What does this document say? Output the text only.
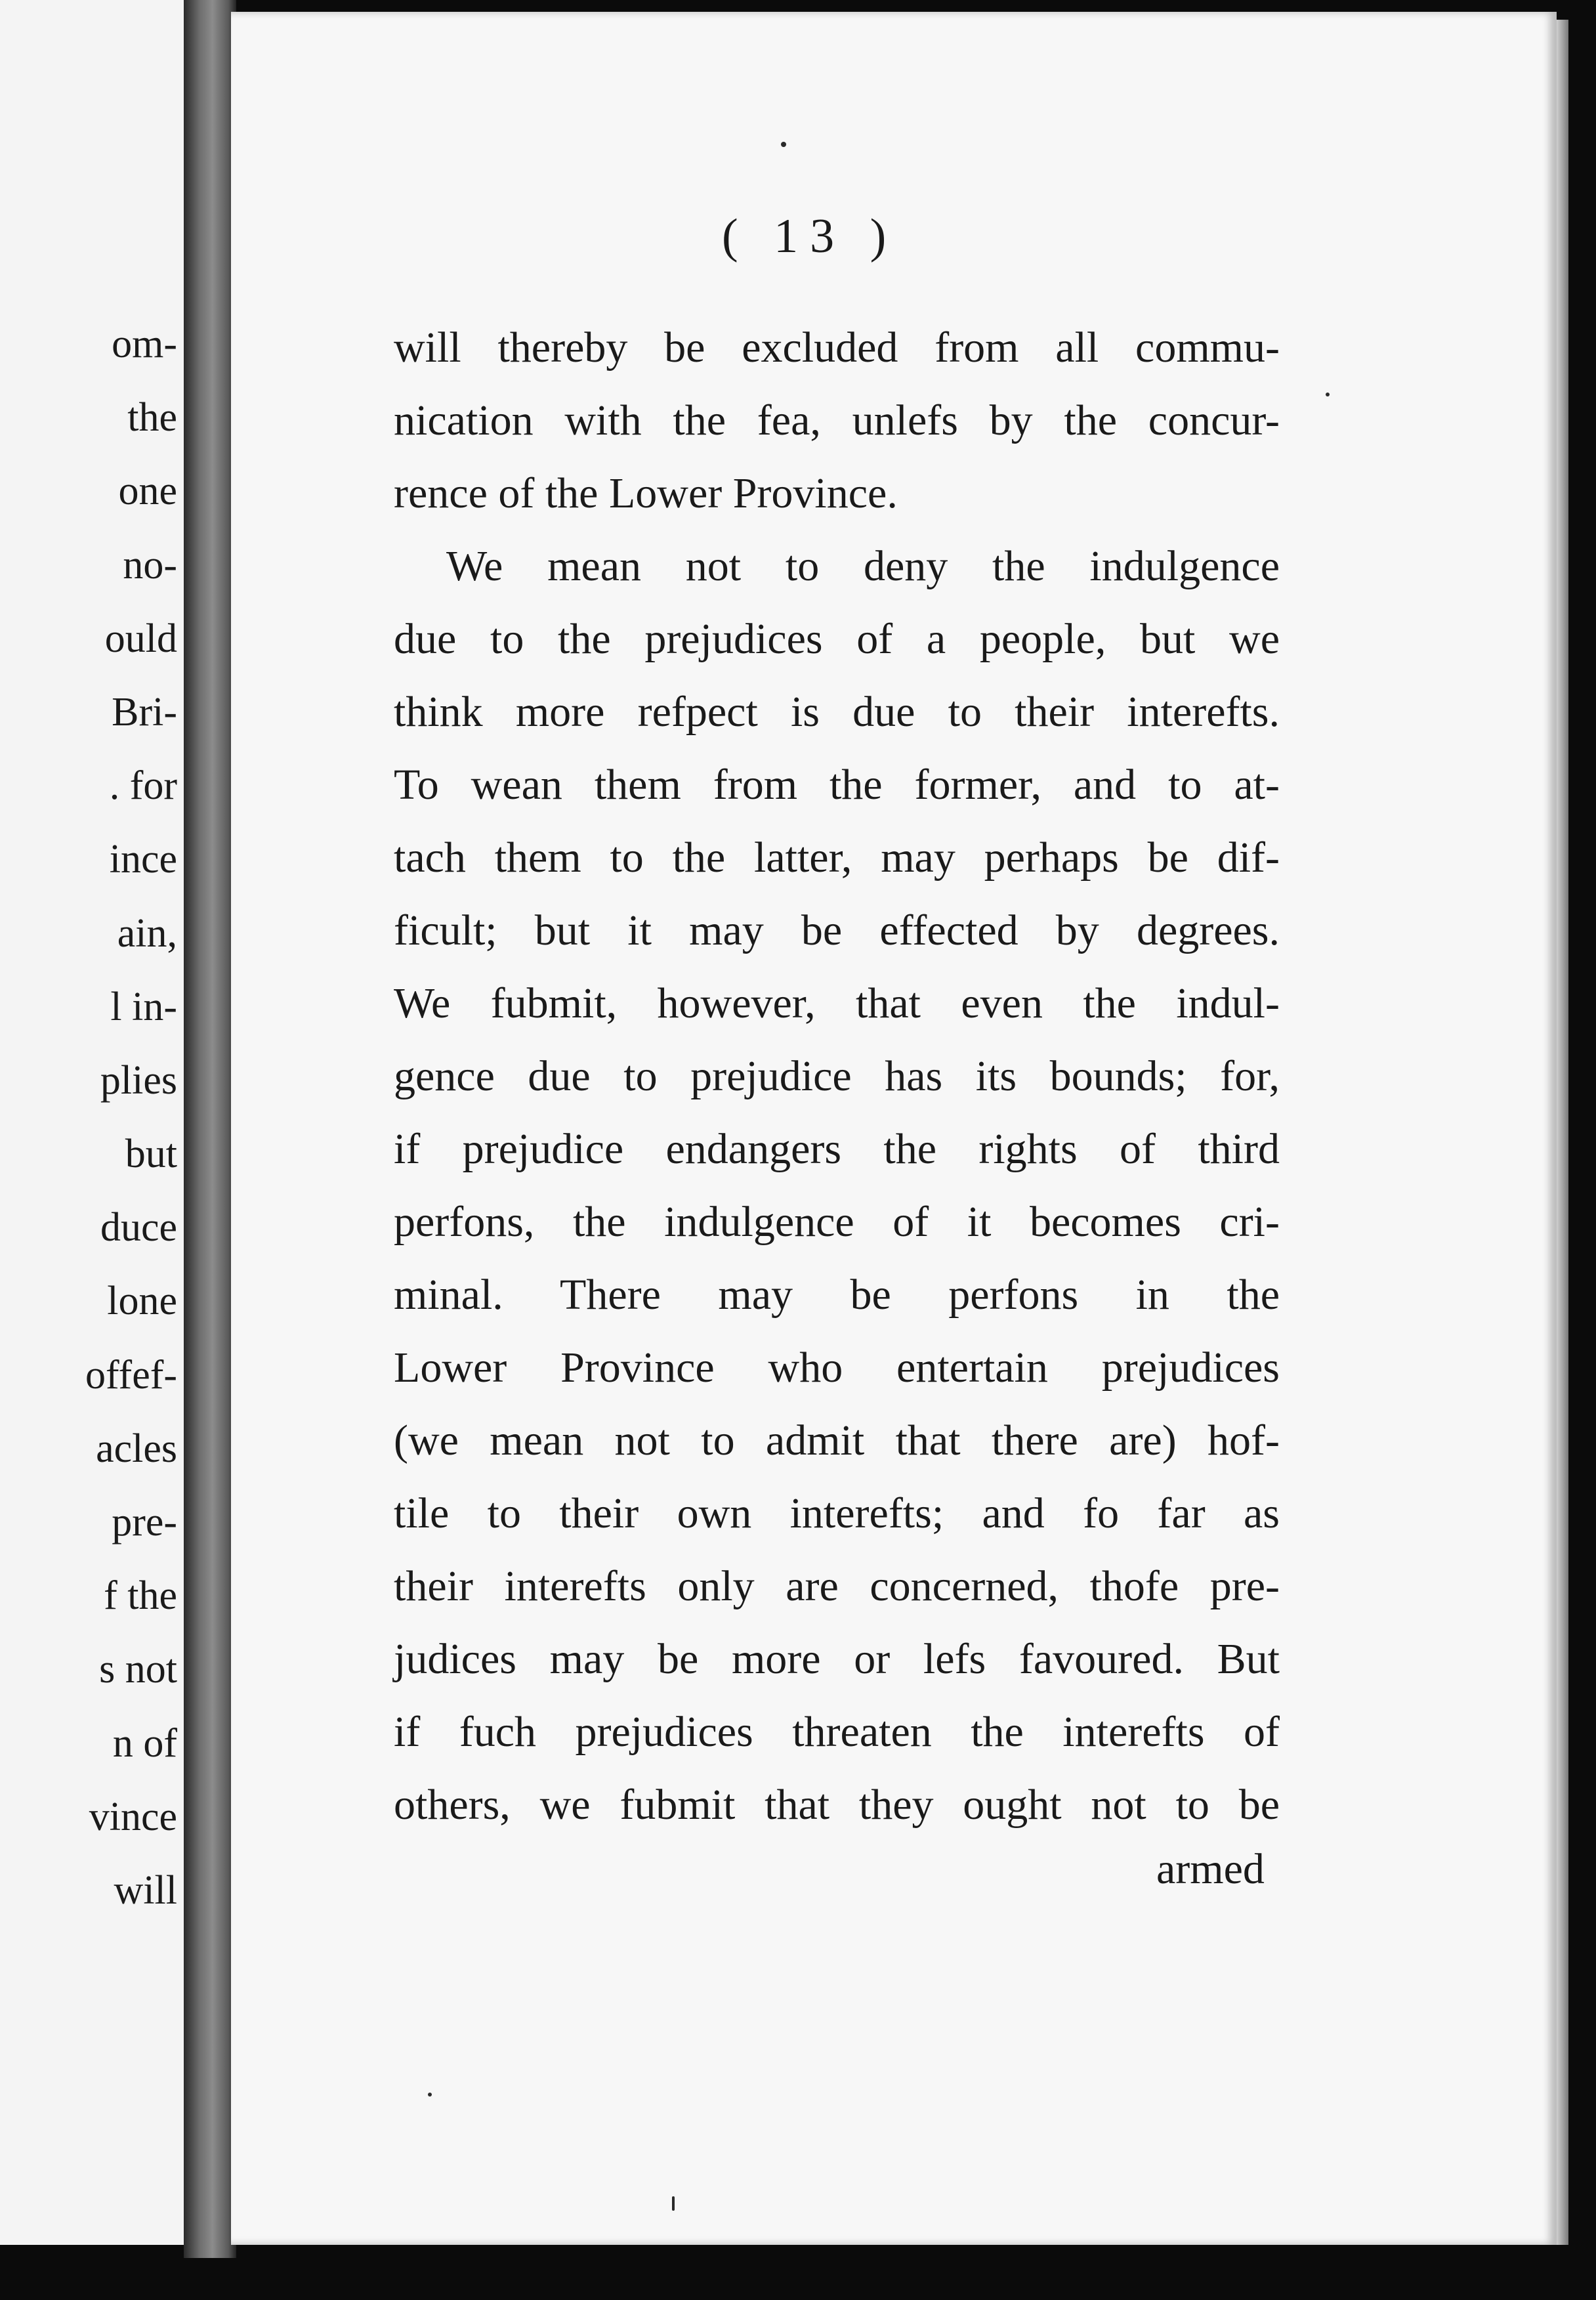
om-
the
one
no-
ould
Bri-
. for
ince
ain,
l in-
plies
but
duce
lone
offef-
acles
pre-
f the
s not
n of
vince
will
( 13 )
will thereby be excluded from all commu-
nication with the fea, unlefs by the concur-
rence of the Lower Province.
We mean not to deny the indulgence
due to the prejudices of a people, but we
think more refpect is due to their interefts.
To wean them from the former, and to at-
tach them to the latter, may perhaps be dif-
ficult; but it may be effected by degrees.
We fubmit, however, that even the indul-
gence due to prejudice has its bounds; for,
if prejudice endangers the rights of third
perfons, the indulgence of it becomes cri-
minal. There may be perfons in the
Lower Province who entertain prejudices
(we mean not to admit that there are) hof-
tile to their own interefts; and fo far as
their interefts only are concerned, thofe pre-
judices may be more or lefs favoured. But
if fuch prejudices threaten the interefts of
others, we fubmit that they ought not to be
armed
